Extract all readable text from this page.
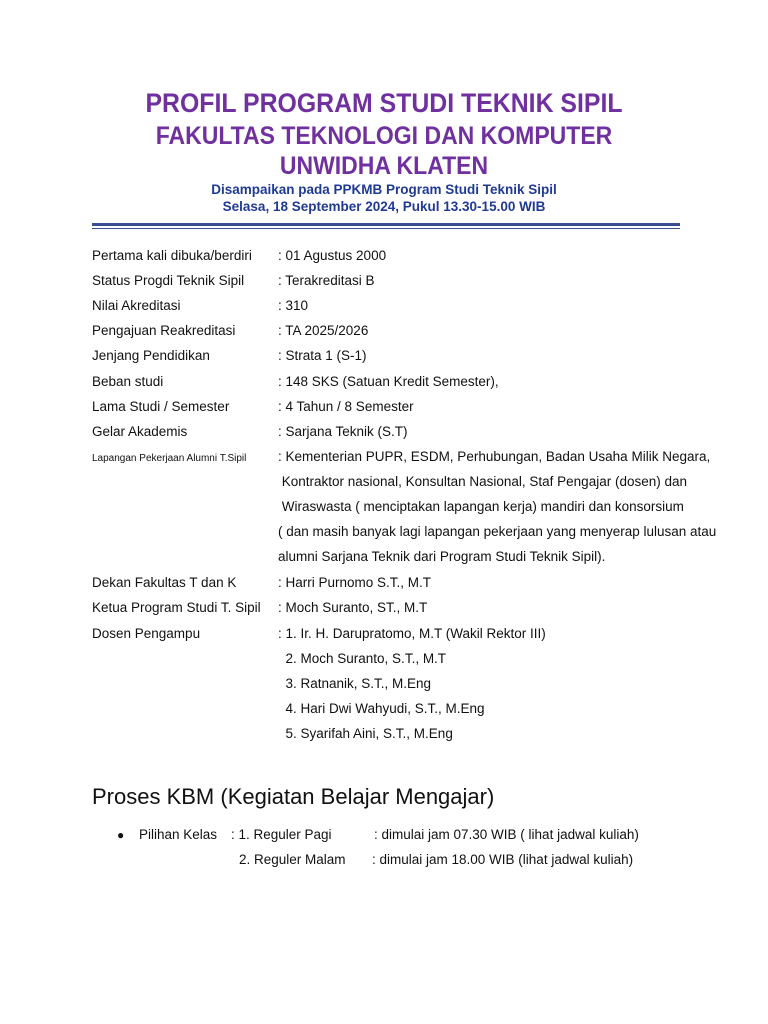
PROFIL PROGRAM STUDI TEKNIK SIPIL
FAKULTAS TEKNOLOGI DAN KOMPUTER
UNWIDHA KLATEN
Disampaikan pada PPKMB Program Studi Teknik Sipil
Selasa, 18 September 2024, Pukul 13.30-15.00 WIB
Pertama kali dibuka/berdiri : 01 Agustus 2000
Status Progdi Teknik Sipil	: Terakreditasi B
Nilai Akreditasi	: 310
Pengajuan Reakreditasi	: TA 2025/2026
Jenjang Pendidikan	: Strata 1 (S-1)
Beban studi	: 148 SKS (Satuan Kredit Semester),
Lama Studi / Semester	: 4 Tahun / 8 Semester
Gelar Akademis	: Sarjana Teknik (S.T)
Lapangan Pekerjaan Alumni T.Sipil : Kementerian PUPR, ESDM, Perhubungan, Badan Usaha Milik Negara,
Kontraktor nasional, Konsultan Nasional, Staf Pengajar (dosen) dan
Wiraswasta ( menciptakan lapangan kerja) mandiri dan konsorsium
( dan masih banyak lagi lapangan pekerjaan yang menyerap lulusan atau
alumni Sarjana Teknik dari Program Studi Teknik Sipil).
Dekan Fakultas T dan K	: Harri Purnomo S.T., M.T
Ketua Program Studi T. Sipil : Moch Suranto, ST., M.T
Dosen Pengampu	: 1. Ir. H. Darupratomo, M.T (Wakil Rektor III)
2. Moch Suranto, S.T., M.T
3. Ratnanik, S.T., M.Eng
4. Hari Dwi Wahyudi, S.T., M.Eng
5. Syarifah Aini, S.T., M.Eng
Proses KBM (Kegiatan Belajar Mengajar)
● Pilihan Kelas : 1. Reguler Pagi	: dimulai jam 07.30 WIB ( lihat jadwal kuliah)
2. Reguler Malam : dimulai jam 18.00 WIB (lihat jadwal kuliah)
